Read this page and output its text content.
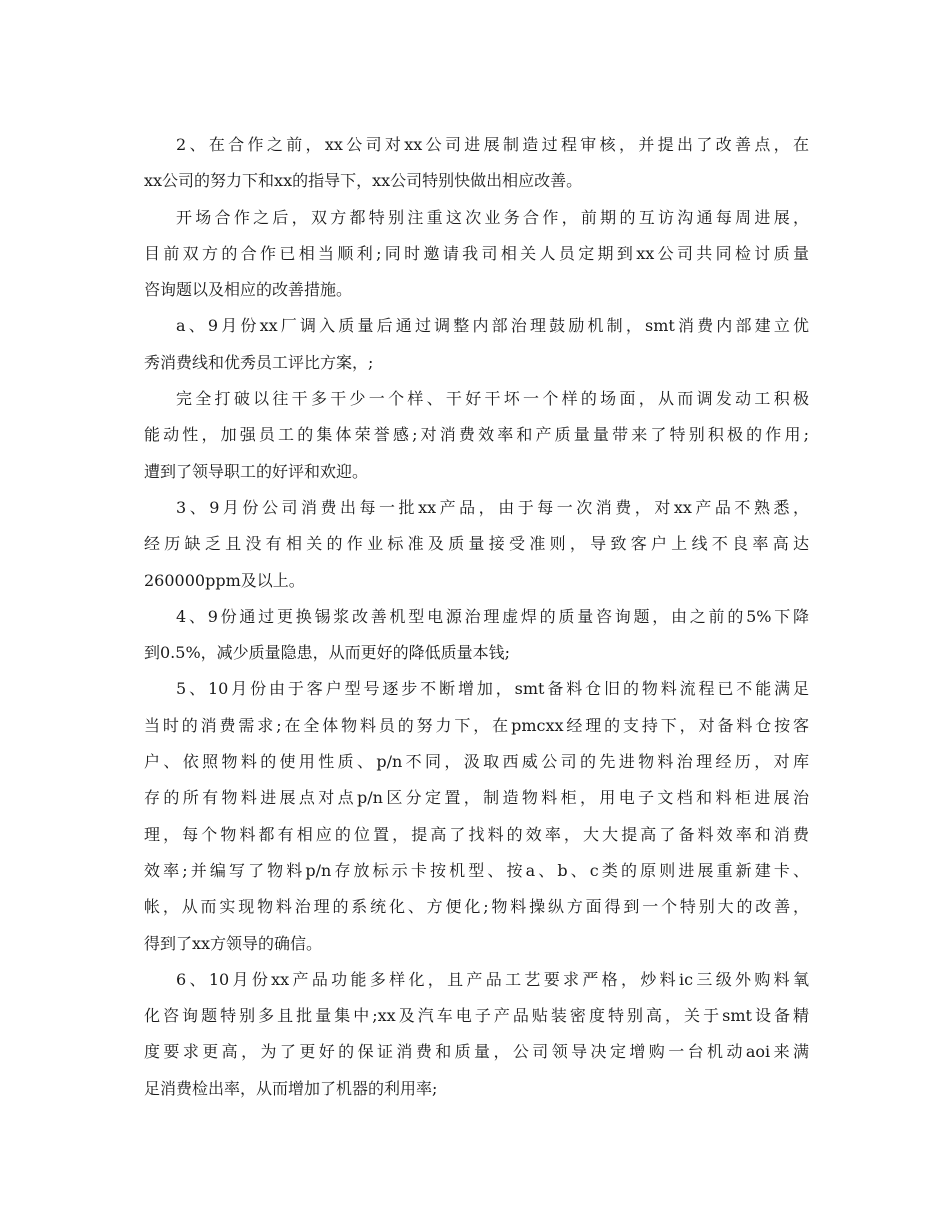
2、在合作之前，xx公司对xx公司进展制造过程审核，并提出了改善点，在
xx公司的努力下和xx的指导下，xx公司特别快做出相应改善。

开场合作之后，双方都特别注重这次业务合作，前期的互访沟通每周进展，
目前双方的合作已相当顺利;同时邀请我司相关人员定期到xx公司共同检讨质量
咨询题以及相应的改善措施。

a、9月份xx厂调入质量后通过调整内部治理鼓励机制，smt消费内部建立优
秀消费线和优秀员工评比方案，;

完全打破以往干多干少一个样、干好干坏一个样的场面，从而调发动工积极
能动性，加强员工的集体荣誉感;对消费效率和产质量量带来了特别积极的作用;
遭到了领导职工的好评和欢迎。

3、9月份公司消费出每一批xx产品，由于每一次消费，对xx产品不熟悉，
经历缺乏且没有相关的作业标准及质量接受准则，导致客户上线不良率高达
260000ppm及以上。

4、9份通过更换锡浆改善机型电源治理虚焊的质量咨询题，由之前的5%下降
到0.5%，减少质量隐患，从而更好的降低质量本钱;

5、10月份由于客户型号逐步不断增加，smt备料仓旧的物料流程已不能满足
当时的消费需求;在全体物料员的努力下，在pmcxx经理的支持下，对备料仓按客
户、依照物料的使用性质、p/n不同，汲取西威公司的先进物料治理经历，对库
存的所有物料进展点对点p/n区分定置，制造物料柜，用电子文档和料柜进展治
理，每个物料都有相应的位置，提高了找料的效率，大大提高了备料效率和消费
效率;并编写了物料p/n存放标示卡按机型、按a、b、c类的原则进展重新建卡、
帐，从而实现物料治理的系统化、方便化;物料操纵方面得到一个特别大的改善，
得到了xx方领导的确信。

6、10月份xx产品功能多样化，且产品工艺要求严格，炒料ic三级外购料氧
化咨询题特别多且批量集中;xx及汽车电子产品贴装密度特别高，关于smt设备精
度要求更高，为了更好的保证消费和质量，公司领导决定增购一台机动aoi来满
足消费检出率，从而增加了机器的利用率;
